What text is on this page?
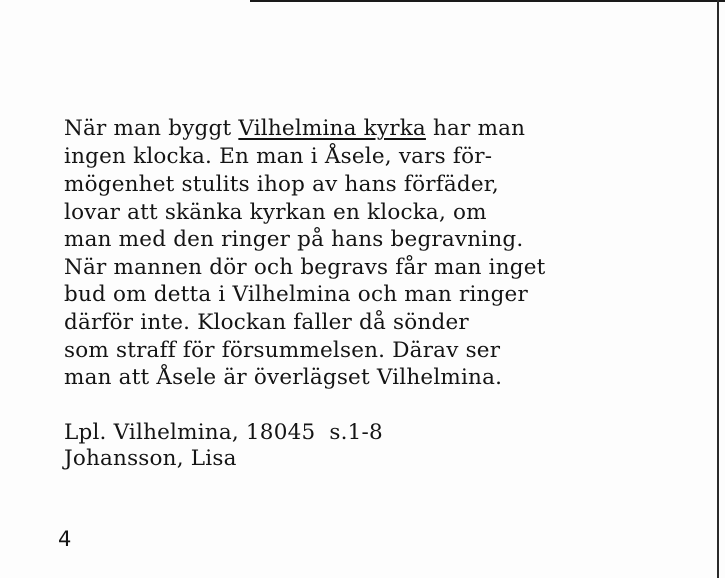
När man byggt Vilhelmina kyrka har man
ingen klocka. En man i Åsele, vars för-
mögenhet stulits ihop av hans förfäder,
lovar att skänka kyrkan en klocka, om
man med den ringer på hans begravning.
När mannen dör och begravs får man inget
bud om detta i Vilhelmina och man ringer
därför inte. Klockan faller då sönder
som straff för försummelsen. Därav ser
man att Åsele är överlägset Vilhelmina.
Lpl. Vilhelmina, 18045  s.1-8
Johansson, Lisa
4
